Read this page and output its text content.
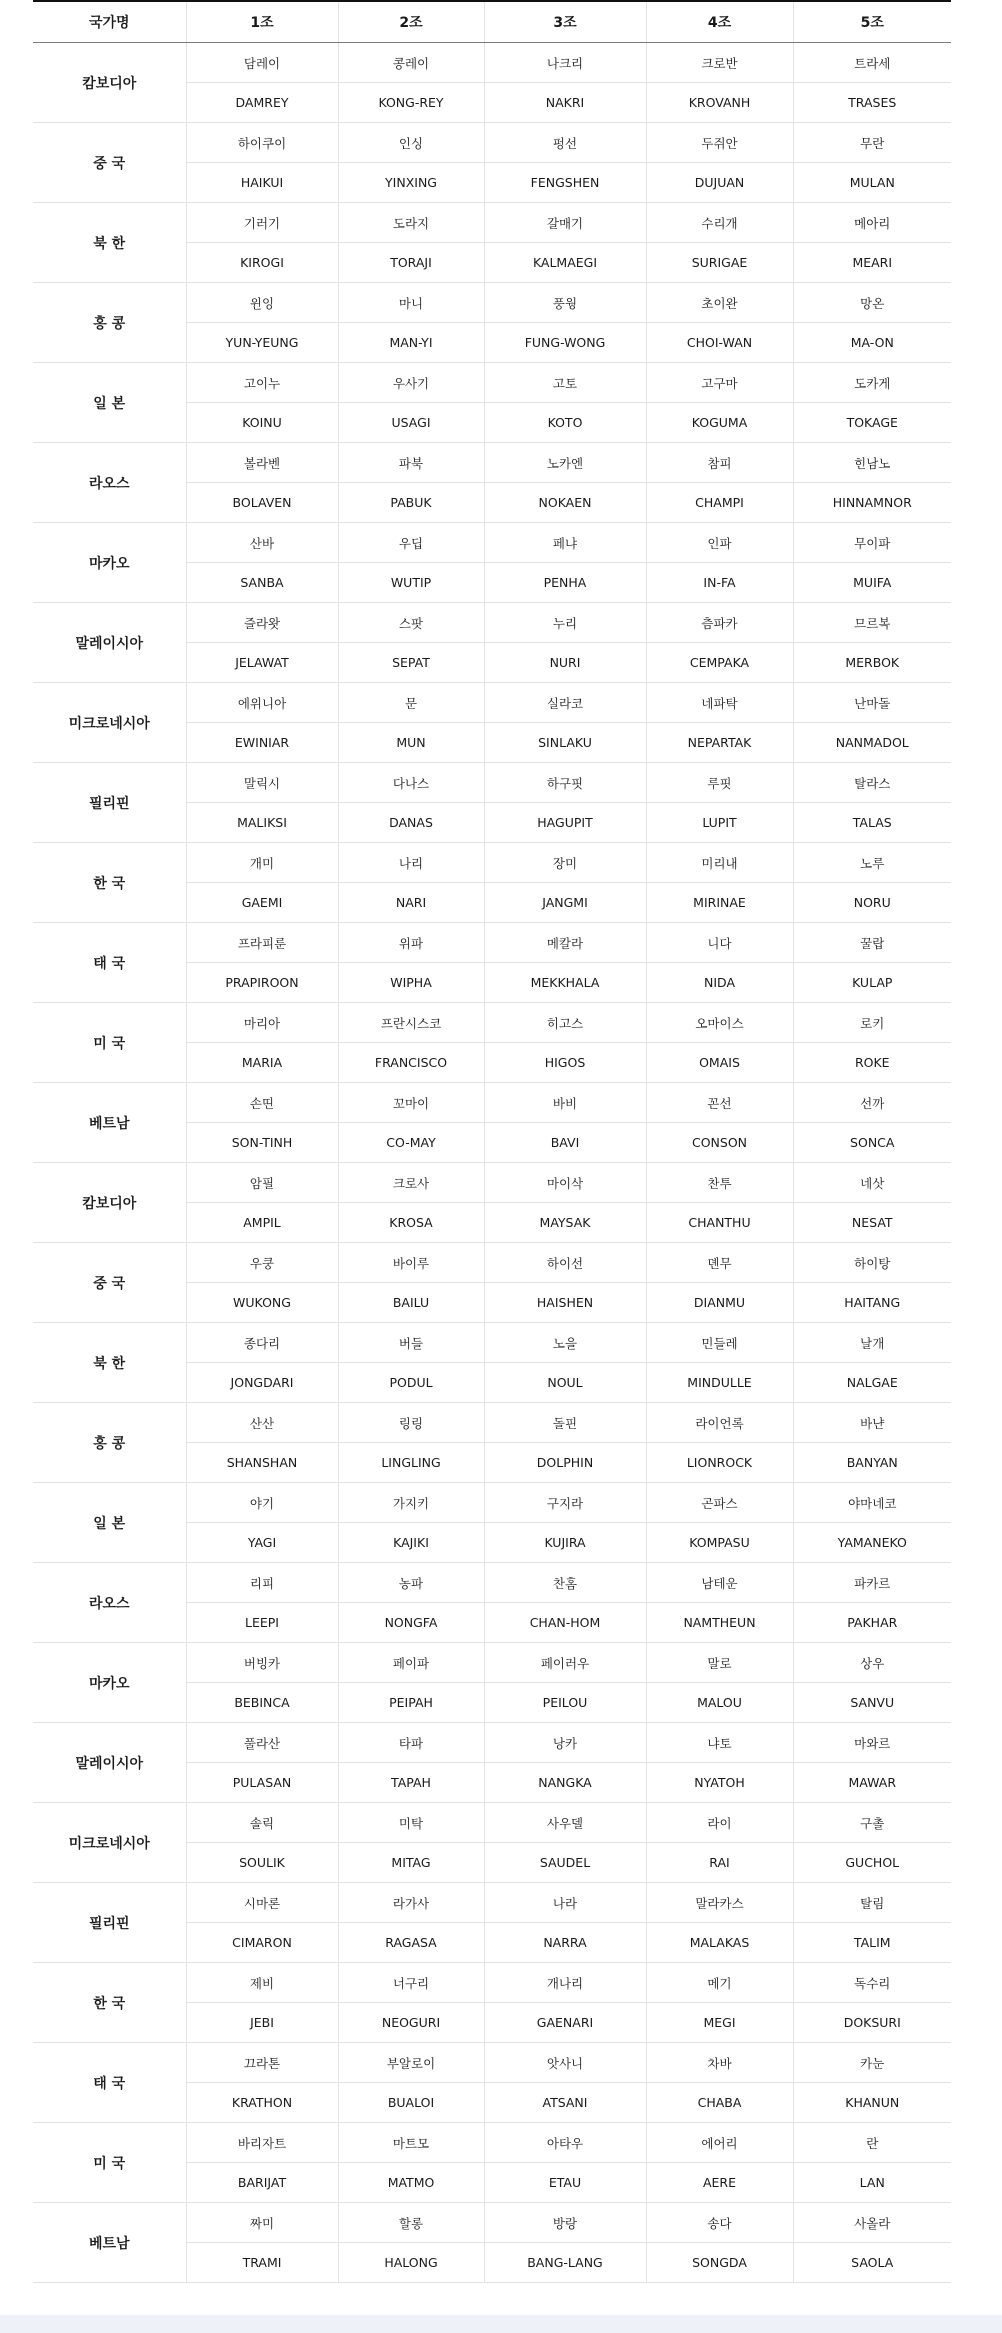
국가명	1조	2조	3조	4조	5조
캄보디아	담레이	콩레이	나크리	크로반	트라세
	DAMREY	KONG-REY	NAKRI	KROVANH	TRASES
중 국	하이쿠이	인싱	펑선	두쥐안	무란
	HAIKUI	YINXING	FENGSHEN	DUJUAN	MULAN
북 한	기러기	도라지	갈매기	수리개	메아리
	KIROGI	TORAJI	KALMAEGI	SURIGAE	MEARI
홍 콩	윈잉	마니	풍웡	초이완	망온
	YUN-YEUNG	MAN-YI	FUNG-WONG	CHOI-WAN	MA-ON
일 본	고이누	우사기	고토	고구마	도카게
	KOINU	USAGI	KOTO	KOGUMA	TOKAGE
라오스	볼라벤	파북	노카엔	참피	힌남노
	BOLAVEN	PABUK	NOKAEN	CHAMPI	HINNAMNOR
마카오	산바	우딥	페냐	인파	무이파
	SANBA	WUTIP	PENHA	IN-FA	MUIFA
말레이시아	즐라왓	스팟	누리	츰파카	므르복
	JELAWAT	SEPAT	NURI	CEMPAKA	MERBOK
미크로네시아	에위니아	문	실라코	네파탁	난마돌
	EWINIAR	MUN	SINLAKU	NEPARTAK	NANMADOL
필리핀	말릭시	다나스	하구핏	루핏	탈라스
	MALIKSI	DANAS	HAGUPIT	LUPIT	TALAS
한 국	개미	나리	장미	미리내	노루
	GAEMI	NARI	JANGMI	MIRINAE	NORU
태 국	프라피룬	위파	메칼라	니다	꿀랍
	PRAPIROON	WIPHA	MEKKHALA	NIDA	KULAP
미 국	마리아	프란시스코	히고스	오마이스	로키
	MARIA	FRANCISCO	HIGOS	OMAIS	ROKE
베트남	손띤	꼬마이	바비	꼰선	선까
	SON-TINH	CO-MAY	BAVI	CONSON	SONCA
캄보디아	암필	크로사	마이삭	찬투	네삿
	AMPIL	KROSA	MAYSAK	CHANTHU	NESAT
중 국	우쿵	바이루	하이선	뎬무	하이탕
	WUKONG	BAILU	HAISHEN	DIANMU	HAITANG
북 한	종다리	버들	노을	민들레	날개
	JONGDARI	PODUL	NOUL	MINDULLE	NALGAE
홍 콩	산산	링링	돌핀	라이언록	바냔
	SHANSHAN	LINGLING	DOLPHIN	LIONROCK	BANYAN
일 본	야기	가지키	구지라	곤파스	야마네코
	YAGI	KAJIKI	KUJIRA	KOMPASU	YAMANEKO
라오스	리피	농파	찬홈	남테운	파카르
	LEEPI	NONGFA	CHAN-HOM	NAMTHEUN	PAKHAR
마카오	버빙카	페이파	페이러우	말로	상우
	BEBINCA	PEIPAH	PEILOU	MALOU	SANVU
말레이시아	풀라산	타파	낭카	냐토	마와르
	PULASAN	TAPAH	NANGKA	NYATOH	MAWAR
미크로네시아	솔릭	미탁	사우델	라이	구촐
	SOULIK	MITAG	SAUDEL	RAI	GUCHOL
필리핀	시마론	라가사	나라	말라카스	탈림
	CIMARON	RAGASA	NARRA	MALAKAS	TALIM
한 국	제비	너구리	개나리	메기	독수리
	JEBI	NEOGURI	GAENARI	MEGI	DOKSURI
태 국	끄라톤	부알로이	앗사니	차바	카눈
	KRATHON	BUALOI	ATSANI	CHABA	KHANUN
미 국	바리자트	마트모	아타우	에어리	란
	BARIJAT	MATMO	ETAU	AERE	LAN
베트남	짜미	할롱	방랑	송다	사올라
	TRAMI	HALONG	BANG-LANG	SONGDA	SAOLA
